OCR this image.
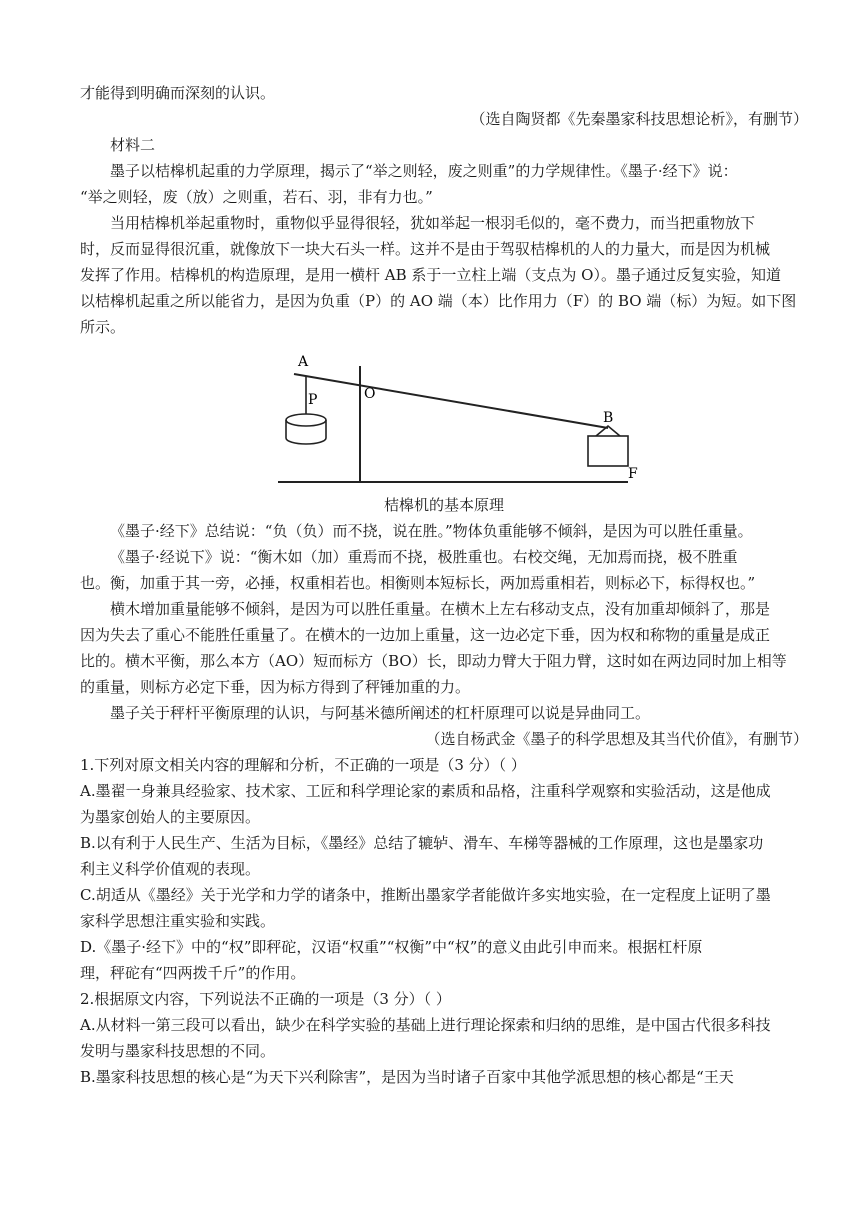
才能得到明确而深刻的认识。
（选自陶贤都《先秦墨家科技思想论析》，有删节）
材料二
墨子以桔槔机起重的力学原理，揭示了“举之则轻，废之则重”的力学规律性。《墨子·经下》说：
“举之则轻，废（放）之则重，若石、羽，非有力也。”
当用桔槔机举起重物时，重物似乎显得很轻，犹如举起一根羽毛似的，毫不费力，而当把重物放下
时，反而显得很沉重，就像放下一块大石头一样。这并不是由于驾驭桔槔机的人的力量大，而是因为机械
发挥了作用。桔槔机的构造原理，是用一横杆 AB 系于一立柱上端（支点为 O）。墨子通过反复实验，知道
以桔槔机起重之所以能省力，是因为负重（P）的 AO 端（本）比作用力（F）的 BO 端（标）为短。如下图
所示。
A
O
P
B
F
桔槔机的基本原理
《墨子·经下》总结说：“负（负）而不挠，说在胜。”物体负重能够不倾斜，是因为可以胜任重量。
《墨子·经说下》说：“衡木如（加）重焉而不挠，极胜重也。右校交绳，无加焉而挠，极不胜重
也。衡，加重于其一旁，必捶，权重相若也。相衡则本短标长，两加焉重相若，则标必下，标得权也。”
横木增加重量能够不倾斜，是因为可以胜任重量。在横木上左右移动支点，没有加重却倾斜了，那是
因为失去了重心不能胜任重量了。在横木的一边加上重量，这一边必定下垂，因为权和称物的重量是成正
比的。横木平衡，那么本方（AO）短而标方（BO）长，即动力臂大于阻力臂，这时如在两边同时加上相等
的重量，则标方必定下垂，因为标方得到了秤锤加重的力。
墨子关于秤杆平衡原理的认识，与阿基米德所阐述的杠杆原理可以说是异曲同工。
（选自杨武金《墨子的科学思想及其当代价值》，有删节）
1.下列对原文相关内容的理解和分析，不正确的一项是（3 分）（ ）
A.墨翟一身兼具经验家、技术家、工匠和科学理论家的素质和品格，注重科学观察和实验活动，这是他成
为墨家创始人的主要原因。
B.以有利于人民生产、生活为目标，《墨经》总结了辘轳、滑车、车梯等器械的工作原理，这也是墨家功
利主义科学价值观的表现。
C.胡适从《墨经》关于光学和力学的诸条中，推断出墨家学者能做许多实地实验，在一定程度上证明了墨
家科学思想注重实验和实践。
D.《墨子·经下》中的“权”即秤砣，汉语“权重”“权衡”中“权”的意义由此引申而来。根据杠杆原
理，秤砣有“四两拨千斤”的作用。
2.根据原文内容，下列说法不正确的一项是（3 分）（ ）
A.从材料一第三段可以看出，缺少在科学实验的基础上进行理论探索和归纳的思维，是中国古代很多科技
发明与墨家科技思想的不同。
B.墨家科技思想的核心是“为天下兴利除害”，是因为当时诸子百家中其他学派思想的核心都是“王天
